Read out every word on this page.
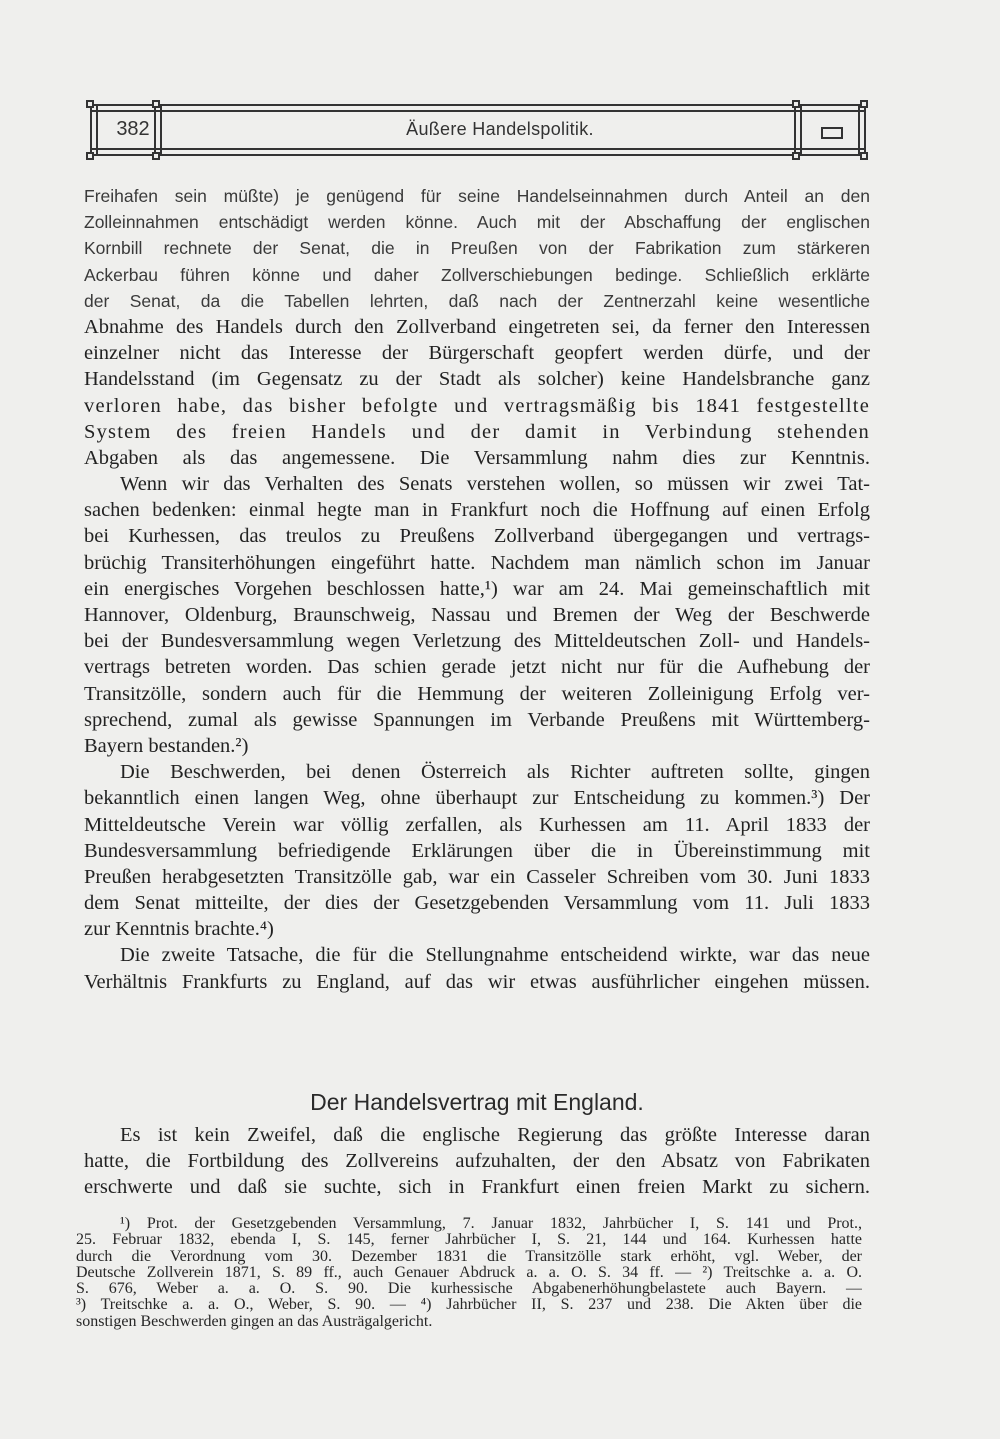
382	Äußere Handelspolitik.
Freihafen sein müßte) je genügend für seine Handelseinnahmen durch Anteil an den
Zolleinnahmen entschädigt werden könne. Auch mit der Abschaffung der englischen
Kornbill rechnete der Senat, die in Preußen von der Fabrikation zum stärkeren
Ackerbau führen könne und daher Zollverschiebungen bedinge. Schließlich erklärte
der Senat, da die Tabellen lehrten, daß nach der Zentnerzahl keine wesentliche
Abnahme des Handels durch den Zollverband eingetreten sei, da ferner den Interessen
einzelner nicht das Interesse der Bürgerschaft geopfert werden dürfe, und der
Handelsstand (im Gegensatz zu der Stadt als solcher) keine Handelsbranche ganz
verloren habe, das bisher befolgte und vertragsmäßig bis 1841 festgestellte
System des freien Handels und der damit in Verbindung stehenden
Abgaben als das angemessene. Die Versammlung nahm dies zur Kenntnis.
Wenn wir das Verhalten des Senats verstehen wollen, so müssen wir zwei Tat-
sachen bedenken: einmal hegte man in Frankfurt noch die Hoffnung auf einen Erfolg
bei Kurhessen, das treulos zu Preußens Zollverband übergegangen und vertrags-
brüchig Transiterhöhungen eingeführt hatte. Nachdem man nämlich schon im Januar
ein energisches Vorgehen beschlossen hatte,¹) war am 24. Mai gemeinschaftlich mit
Hannover, Oldenburg, Braunschweig, Nassau und Bremen der Weg der Beschwerde
bei der Bundesversammlung wegen Verletzung des Mitteldeutschen Zoll- und Handels-
vertrags betreten worden. Das schien gerade jetzt nicht nur für die Aufhebung der
Transitzölle, sondern auch für die Hemmung der weiteren Zolleinigung Erfolg ver-
sprechend, zumal als gewisse Spannungen im Verbande Preußens mit Württemberg-
Bayern bestanden.²)
Die Beschwerden, bei denen Österreich als Richter auftreten sollte, gingen
bekanntlich einen langen Weg, ohne überhaupt zur Entscheidung zu kommen.³) Der
Mitteldeutsche Verein war völlig zerfallen, als Kurhessen am 11. April 1833 der
Bundesversammlung befriedigende Erklärungen über die in Übereinstimmung mit
Preußen herabgesetzten Transitzölle gab, war ein Casseler Schreiben vom 30. Juni 1833
dem Senat mitteilte, der dies der Gesetzgebenden Versammlung vom 11. Juli 1833
zur Kenntnis brachte.⁴)
Die zweite Tatsache, die für die Stellungnahme entscheidend wirkte, war das neue
Verhältnis Frankfurts zu England, auf das wir etwas ausführlicher eingehen müssen.
Der Handelsvertrag mit England.
Es ist kein Zweifel, daß die englische Regierung das größte Interesse daran
hatte, die Fortbildung des Zollvereins aufzuhalten, der den Absatz von Fabrikaten
erschwerte und daß sie suchte, sich in Frankfurt einen freien Markt zu sichern.
¹) Prot. der Gesetzgebenden Versammlung, 7. Januar 1832, Jahrbücher I, S. 141 und Prot.,
25. Februar 1832, ebenda I, S. 145, ferner Jahrbücher I, S. 21, 144 und 164. Kurhessen hatte
durch die Verordnung vom 30. Dezember 1831 die Transitzölle stark erhöht, vgl. Weber, der
Deutsche Zollverein 1871, S. 89 ff., auch Genauer Abdruck a. a. O. S. 34 ff. — ²) Treitschke a. a. O.
S. 676, Weber a. a. O. S. 90. Die kurhessische Abgabenerhöhungbelastete auch Bayern. —
³) Treitschke a. a. O., Weber, S. 90. — ⁴) Jahrbücher II, S. 237 und 238. Die Akten über die
sonstigen Beschwerden gingen an das Austrägalgericht.
